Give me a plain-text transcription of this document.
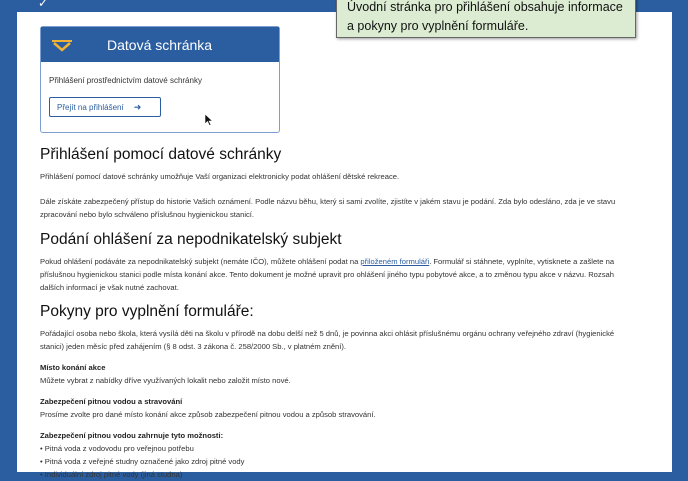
✓	Úvodní stránka pro přihlášení obsahuje informace a pokyny pro vyplnění formuláře.
Datová schránka
Přihlášení prostřednictvím datové schránky
Přejít na přihlášení ➜
Přihlášení pomocí datové schránky

Přihlášení pomocí datové schránky umožňuje Vaší organizaci elektronicky podat ohlášení dětské rekreace.

Dále získáte zabezpečený přístup do historie Vašich oznámení. Podle názvu běhu, který si sami zvolíte, zjistíte v jakém stavu je podání. Zda bylo odesláno, zda je ve stavu zpracování nebo bylo schváleno příslušnou hygienickou stanicí.

Podání ohlášení za nepodnikatelský subjekt

Pokud ohlášení podáváte za nepodnikatelský subjekt (nemáte IČO), můžete ohlášení podat na přiloženém formuláři. Formulář si stáhnete, vyplníte, vytisknete a zašlete na příslušnou hygienickou stanici podle místa konání akce. Tento dokument je možné upravit pro ohlášení jiného typu pobytové akce, a to změnou typu akce v názvu. Rozsah dalších informací je však nutné zachovat.

Pokyny pro vyplnění formuláře:

Pořádající osoba nebo škola, která vysílá děti na školu v přírodě na dobu delší než 5 dnů, je povinna akci ohlásit příslušnému orgánu ochrany veřejného zdraví (hygienické stanici) jeden měsíc před zahájením (§ 8 odst. 3 zákona č. 258/2000 Sb., v platném znění).

Místo konání akce

Můžete vybrat z nabídky dříve využívaných lokalit nebo založit místo nové.

Zabezpečení pitnou vodou a stravování

Prosíme zvolte pro dané místo konání akce způsob zabezpečení pitnou vodou a způsob stravování.

Zabezpečení pitnou vodou zahrnuje tyto možnosti:
• Pitná voda z vodovodu pro veřejnou potřebu
• Pitná voda z veřejné studny označené jako zdroj pitné vody
• Individuální zdroj pitné vody (jiná studna)
